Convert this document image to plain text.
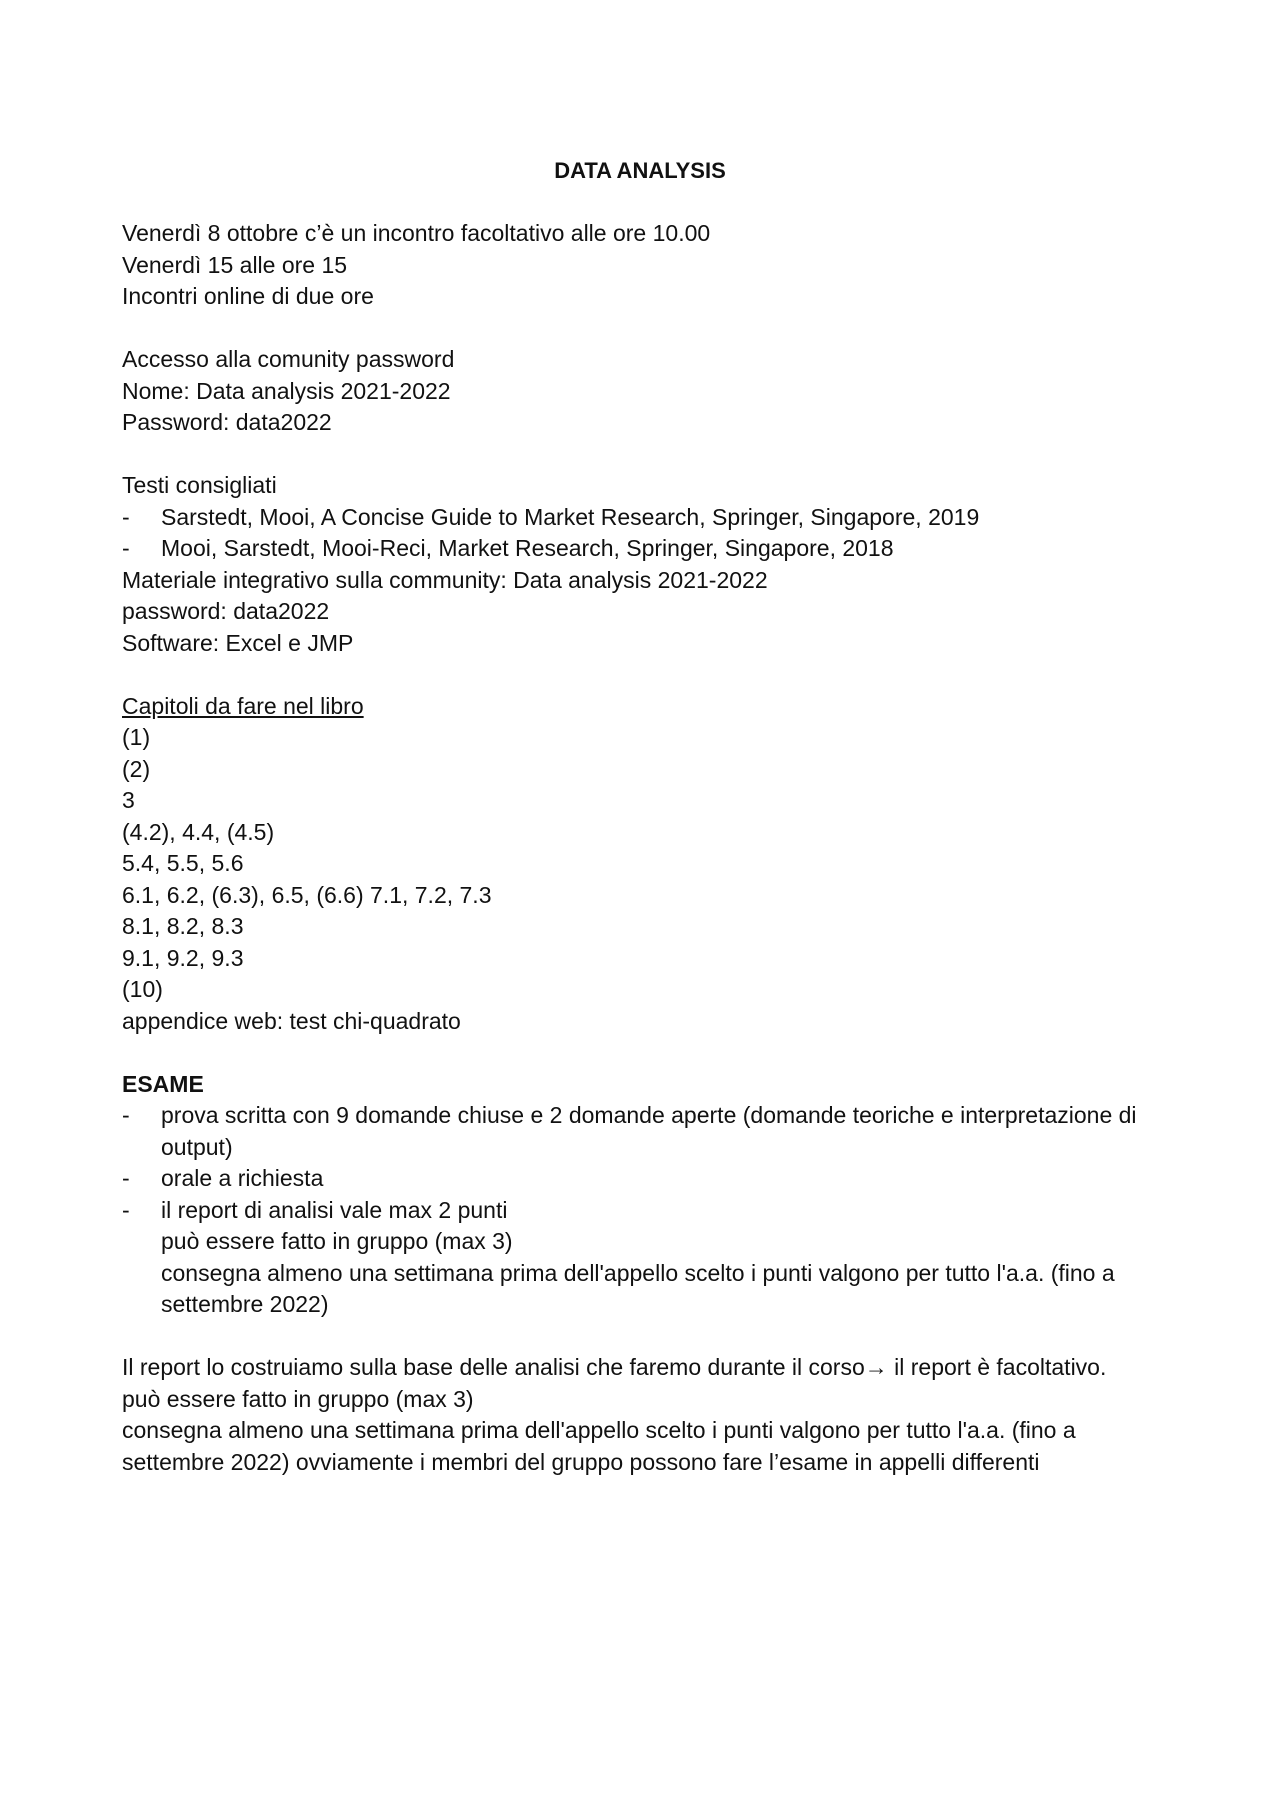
DATA ANALYSIS
Venerdì 8 ottobre c’è un incontro facoltativo alle ore 10.00
Venerdì 15 alle ore 15
Incontri online di due ore
Accesso alla comunity password
Nome: Data analysis 2021-2022
Password: data2022
Testi consigliati
- Sarstedt, Mooi, A Concise Guide to Market Research, Springer, Singapore, 2019
- Mooi, Sarstedt, Mooi-Reci, Market Research, Springer, Singapore, 2018
Materiale integrativo sulla community: Data analysis 2021-2022
password: data2022
Software: Excel e JMP
Capitoli da fare nel libro
(1)
(2)
3
(4.2), 4.4, (4.5)
5.4, 5.5, 5.6
6.1, 6.2, (6.3), 6.5, (6.6) 7.1, 7.2, 7.3
8.1, 8.2, 8.3
9.1, 9.2, 9.3
(10)
appendice web: test chi-quadrato
ESAME
- prova scritta con 9 domande chiuse e 2 domande aperte (domande teoriche e interpretazione di output)
- orale a richiesta
- il report di analisi vale max 2 punti
può essere fatto in gruppo (max 3)
consegna almeno una settimana prima dell'appello scelto i punti valgono per tutto l'a.a. (fino a settembre 2022)
Il report lo costruiamo sulla base delle analisi che faremo durante il corso→ il report è facoltativo.
può essere fatto in gruppo (max 3)
consegna almeno una settimana prima dell'appello scelto i punti valgono per tutto l'a.a. (fino a settembre 2022) ovviamente i membri del gruppo possono fare l’esame in appelli differenti
